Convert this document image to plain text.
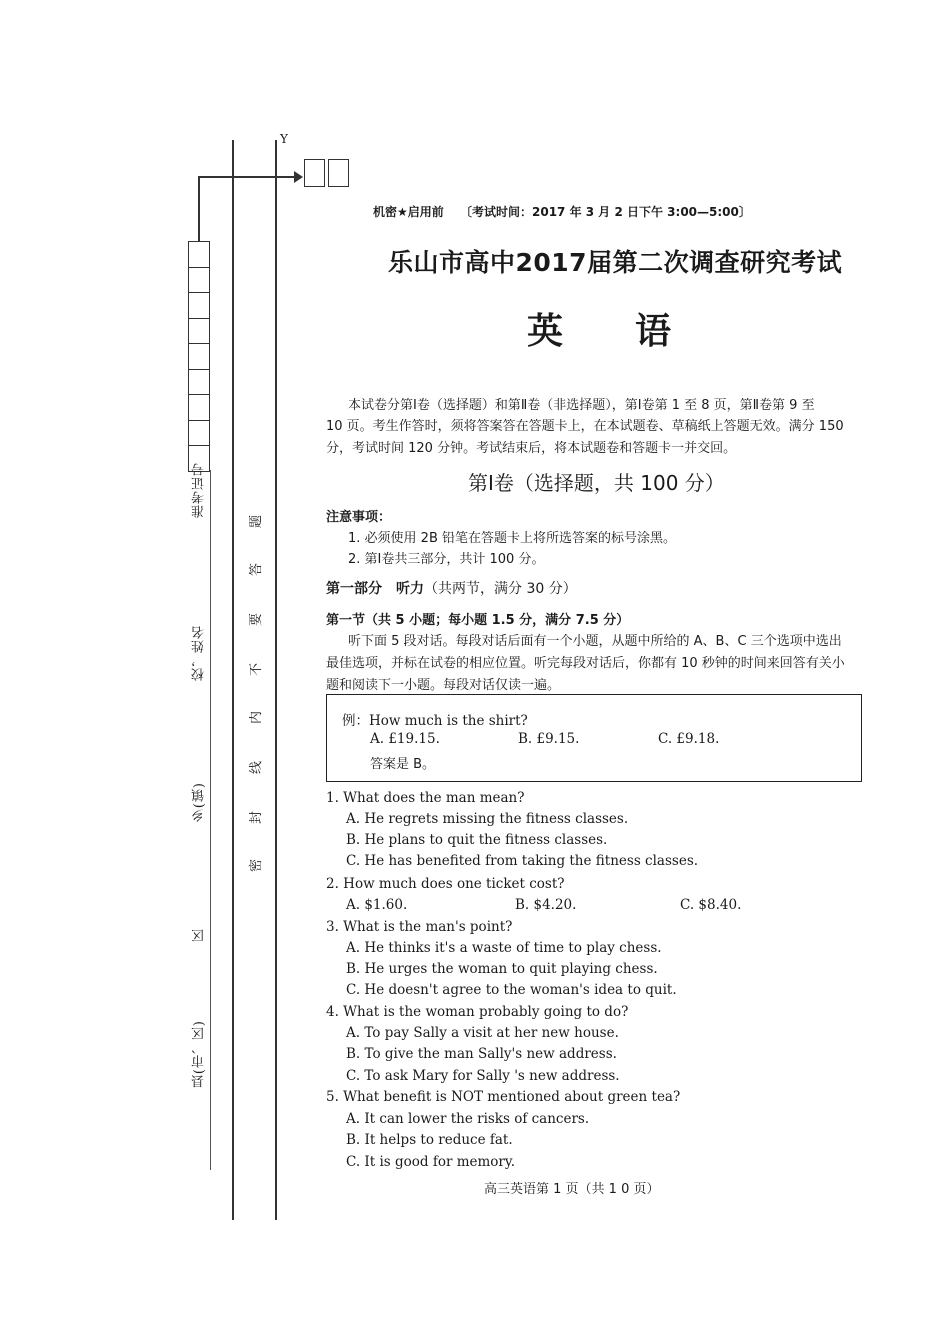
Y
准考证号
校，姓名
乡(镇)
区
县(市、区)
题
答
要
不
内
线
封
密
机密★启用前 〔考试时间：2017 年 3 月 2 日下午 3:00—5:00〕
乐山市高中2017届第二次调查研究考试
英　　语
本试卷分第Ⅰ卷（选择题）和第Ⅱ卷（非选择题），第Ⅰ卷第 1 至 8 页，第Ⅱ卷第 9 至
10 页。考生作答时，须将答案答在答题卡上，在本试题卷、草稿纸上答题无效。满分 150
分，考试时间 120 分钟。考试结束后，将本试题卷和答题卡一并交回。
第Ⅰ卷（选择题，共 100 分）
注意事项：
1. 必须使用 2B 铅笔在答题卡上将所选答案的标号涂黑。
2. 第Ⅰ卷共三部分，共计 100 分。
第一部分　听力（共两节，满分 30 分）
第一节（共 5 小题；每小题 1.5 分，满分 7.5 分）
听下面 5 段对话。每段对话后面有一个小题，从题中所给的 A、B、C 三个选项中选出
最佳选项，并标在试卷的相应位置。听完每段对话后，你都有 10 秒钟的时间来回答有关小
题和阅读下一小题。每段对话仅读一遍。
例：How much is the shirt?
A. £19.15.	B. £9.15.	C. £9.18.
答案是 B。
1. What does the man mean?
A. He regrets missing the fitness classes.
B. He plans to quit the fitness classes.
C. He has benefited from taking the fitness classes.
2. How much does one ticket cost?
A. $1.60.	B. $4.20.	C. $8.40.
3. What is the man's point?
A. He thinks it's a waste of time to play chess.
B. He urges the woman to quit playing chess.
C. He doesn't agree to the woman's idea to quit.
4. What is the woman probably going to do?
A. To pay Sally a visit at her new house.
B. To give the man Sally's new address.
C. To ask Mary for Sally 's new address.
5. What benefit is NOT mentioned about green tea?
A. It can lower the risks of cancers.
B. It helps to reduce fat.
C. It is good for memory.
高三英语第 1 页（共 1 0 页）
